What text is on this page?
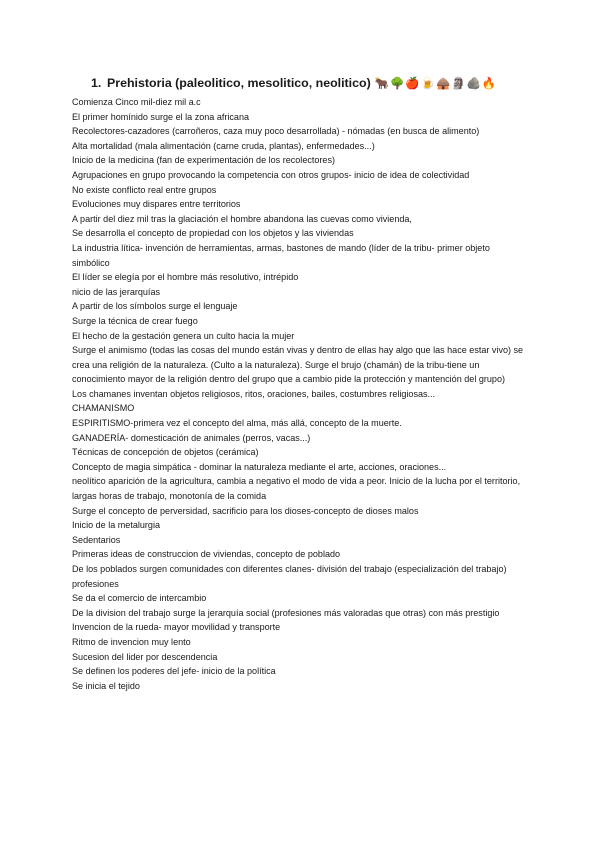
1. Prehistoria (paleolitico, mesolitico, neolitico) 🐂🌳🍎🍺🛖🗿🪨🔥

Comienza Cinco mil-diez mil a.c

El primer homínido surge el la zona africana

Recolectores-cazadores (carroñeros, caza muy poco desarrollada) - nómadas (en busca de alimento)

Alta mortalidad (mala alimentación (carne cruda, plantas), enfermedades...)

Inicio de la medicina (fan de experimentación de los recolectores)

Agrupaciones en grupo provocando la competencia con otros grupos- inicio de idea de colectividad

No existe conflicto real entre grupos

Evoluciones muy dispares entre territorios

A partir del diez mil tras la glaciación el hombre abandona las cuevas como vivienda,

Se desarrolla el concepto de propiedad con los objetos y las viviendas

La industria lítica- invención de herramientas, armas, bastones de mando (líder de la tribu- primer objeto simbólico

El líder se elegía por el hombre más resolutivo, intrépido

nicio de las jerarquías

A partir de los símbolos surge el lenguaje

Surge la técnica de crear fuego

El hecho de la gestación genera un culto hacia la mujer

Surge el animismo (todas las cosas del mundo están vivas y dentro de ellas hay algo que las hace estar vivo) se crea una religión de la naturaleza. (Culto a la naturaleza). Surge el brujo (chamán) de la tribu-tiene un conocimiento mayor de la religión dentro del grupo que a cambio pide la protección y mantención del grupo)

Los chamanes inventan objetos religiosos, ritos, oraciones, bailes, costumbres religiosas...

CHAMANISMO

ESPIRITISMO-primera vez el concepto del alma, más allá, concepto de la muerte.

GANADERÍA- domesticación de animales (perros, vacas...)

Técnicas de concepción de objetos (cerámica)

Concepto de magia simpática - dominar la naturaleza mediante el arte, acciones, oraciones...

neolítico aparición de la agricultura, cambia a negativo el modo de vida a peor. Inicio de la lucha por el territorio, largas horas de trabajo, monotonía de la comida

Surge el concepto de perversidad, sacrificio para los dioses-concepto de dioses malos

Inicio de la metalurgia

Sedentarios

Primeras ideas de construccion de viviendas, concepto de poblado

De los poblados surgen comunidades con diferentes clanes- división del trabajo (especialización del trabajo) profesiones

Se da el comercio de intercambio

De la division del trabajo surge la jerarquía social (profesiones más valoradas que otras) con más prestigio

Invencion de la rueda- mayor movilidad y transporte

Ritmo de invencion muy lento

Sucesion del lider por descendencia

Se definen los poderes del jefe- inicio de la política

Se inicia el tejido
